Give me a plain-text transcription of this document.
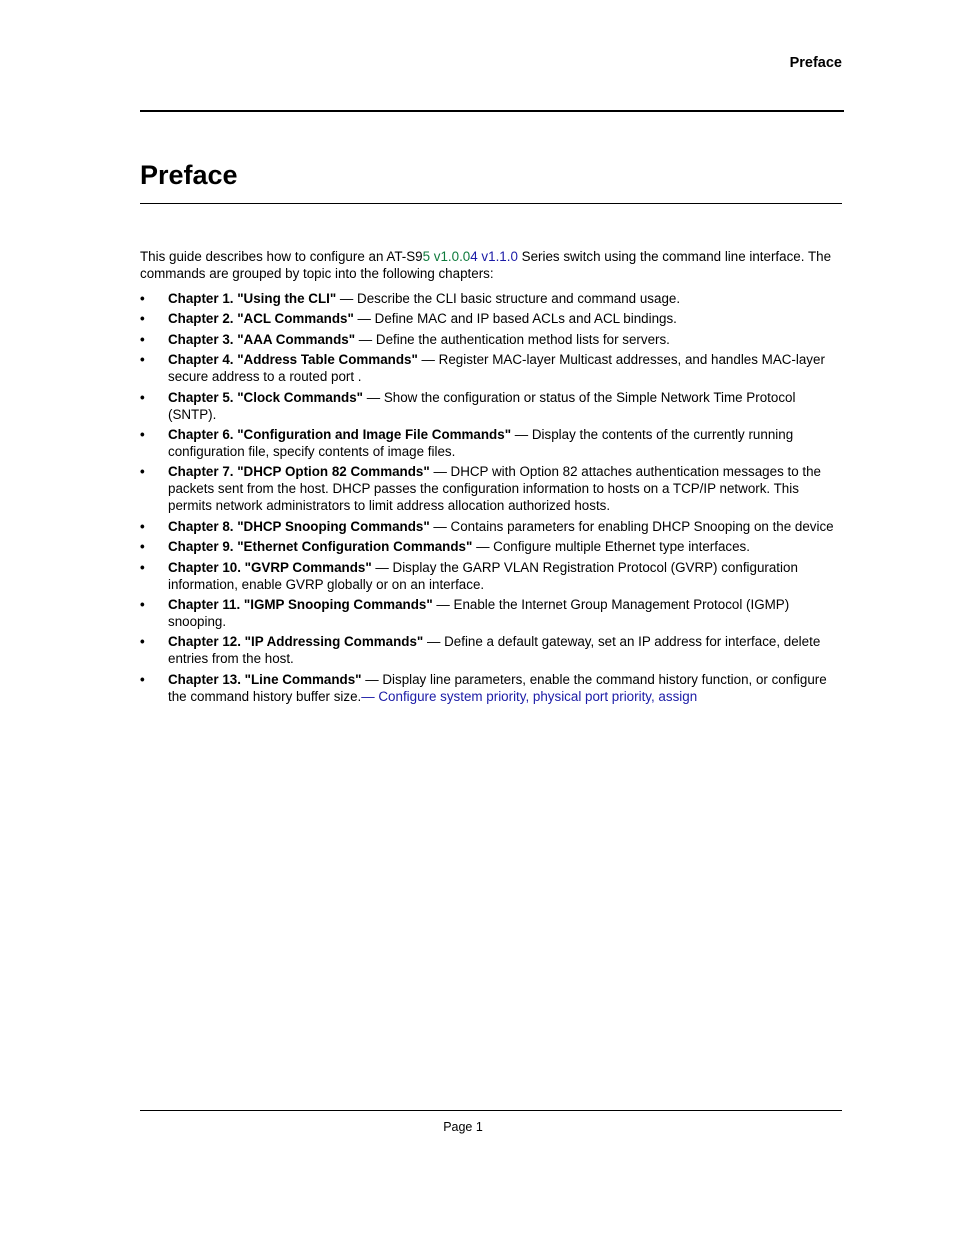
Preface
Preface

This guide describes how to configure an AT-S95 v1.0.04 v1.1.0 Series switch using the command line interface. The commands are grouped by topic into the following chapters:

• Chapter 1. "Using the CLI" — Describe the CLI basic structure and command usage.
• Chapter 2. "ACL Commands" — Define MAC and IP based ACLs and ACL bindings.
• Chapter 3. "AAA Commands" — Define the authentication method lists for servers.
• Chapter 4. "Address Table Commands" — Register MAC-layer Multicast addresses, and handles MAC-layer secure address to a routed port .
• Chapter 5. "Clock Commands" — Show the configuration or status of the Simple Network Time Protocol (SNTP).
• Chapter 6. "Configuration and Image File Commands" — Display the contents of the currently running configuration file, specify contents of image files.
• Chapter 7. "DHCP Option 82 Commands" — DHCP with Option 82 attaches authentication messages to the packets sent from the host. DHCP passes the configuration information to hosts on a TCP/IP network. This permits network administrators to limit address allocation authorized hosts.
• Chapter 8. "DHCP Snooping Commands" — Contains parameters for enabling DHCP Snooping on the device
• Chapter 9. "Ethernet Configuration Commands" — Configure multiple Ethernet type interfaces.
• Chapter 10. "GVRP Commands" — Display the GARP VLAN Registration Protocol (GVRP) configuration information, enable GVRP globally or on an interface.
• Chapter 11. "IGMP Snooping Commands" — Enable the Internet Group Management Protocol (IGMP) snooping.
• Chapter 12. "IP Addressing Commands" — Define a default gateway, set an IP address for interface, delete entries from the host.
• Chapter 13. "Line Commands" — Display line parameters, enable the command history function, or configure the command history buffer size.— Configure system priority, physical port priority, assign
Page 1
